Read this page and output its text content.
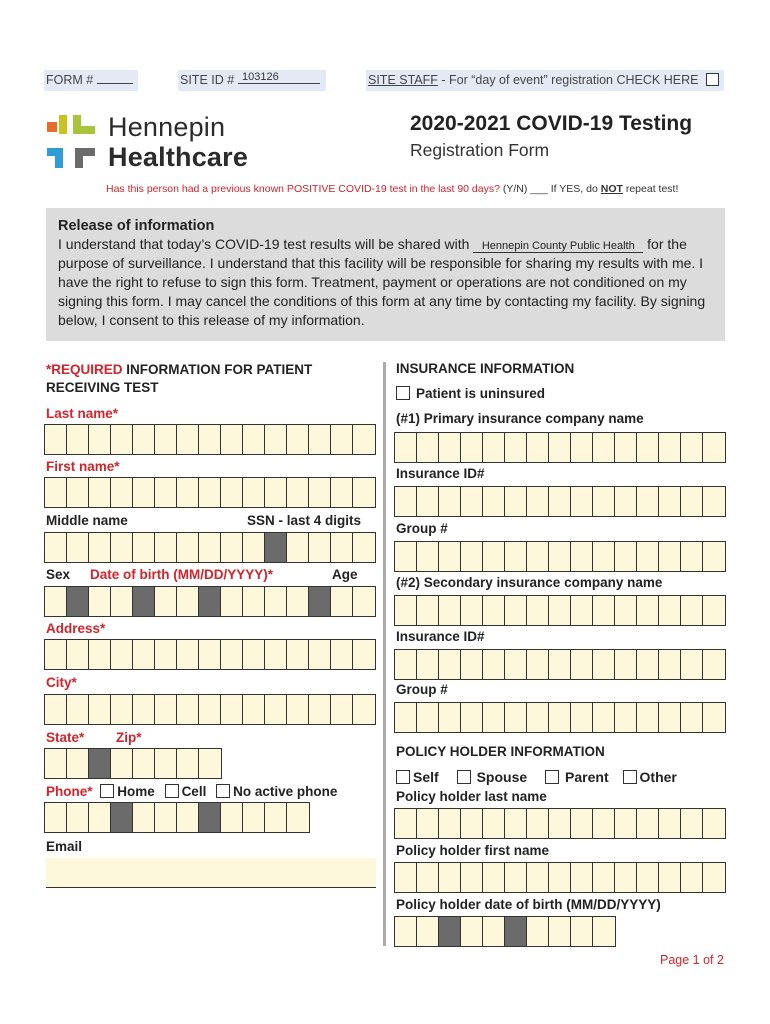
FORM #	SITE ID # 103126	SITE STAFF - For “day of event” registration CHECK HERE
Hennepin
Healthcare
2020-2021 COVID-19 Testing
Registration Form
Has this person had a previous known POSITIVE COVID-19 test in the last 90 days? (Y/N) ___ If YES, do NOT repeat test!
Release of information

I understand that today’s COVID-19 test results will be shared with Hennepin County Public Health for the purpose of surveillance. I understand that this facility will be responsible for sharing my results with me. I have the right to refuse to sign this form. Treatment, payment or operations are not conditioned on my signing this form. I may cancel the conditions of this form at any time by contacting my facility. By signing below, I consent to this release of my information.

*REQUIRED INFORMATION FOR PATIENT
RECEIVING TEST
Last name*
First name*
Middle name	SSN - last 4 digits
Sex Date of birth (MM/DD/YYYY)*	Age
Address*
City*
State* Zip*
Phone* Home Cell No active phone
Email
INSURANCE INFORMATION
Patient is uninsured
(#1) Primary insurance company name
Insurance ID#
Group #
(#2) Secondary insurance company name
Insurance ID#
Group #
POLICY HOLDER INFORMATION
Self	Spouse	Parent Other
Policy holder last name
Policy holder first name
Policy holder date of birth (MM/DD/YYYY)
Page 1 of 2
